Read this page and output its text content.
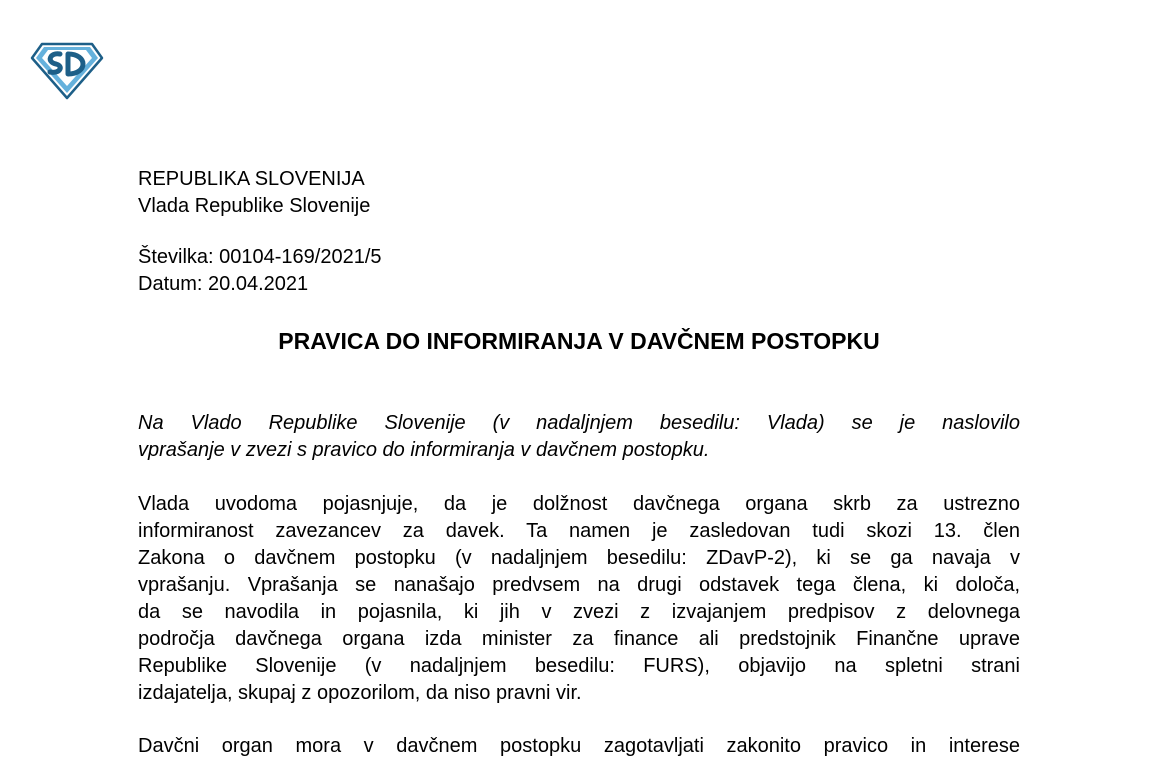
REPUBLIKA SLOVENIJA
Vlada Republike Slovenije
Številka: 00104-169/2021/5
Datum: 20.04.2021
PRAVICA DO INFORMIRANJA V DAVČNEM POSTOPKU
Na Vlado Republike Slovenije (v nadaljnjem besedilu: Vlada) se je naslovilo
vprašanje v zvezi s pravico do informiranja v davčnem postopku.
Vlada uvodoma pojasnjuje, da je dolžnost davčnega organa skrb za ustrezno
informiranost zavezancev za davek. Ta namen je zasledovan tudi skozi 13. člen
Zakona o davčnem postopku (v nadaljnjem besedilu: ZDavP-2), ki se ga navaja v
vprašanju. Vprašanja se nanašajo predvsem na drugi odstavek tega člena, ki določa,
da se navodila in pojasnila, ki jih v zvezi z izvajanjem predpisov z delovnega
področja davčnega organa izda minister za finance ali predstojnik Finančne uprave
Republike Slovenije (v nadaljnjem besedilu: FURS), objavijo na spletni strani
izdajatelja, skupaj z opozorilom, da niso pravni vir.
Davčni organ mora v davčnem postopku zagotavljati zakonito pravico in interese
